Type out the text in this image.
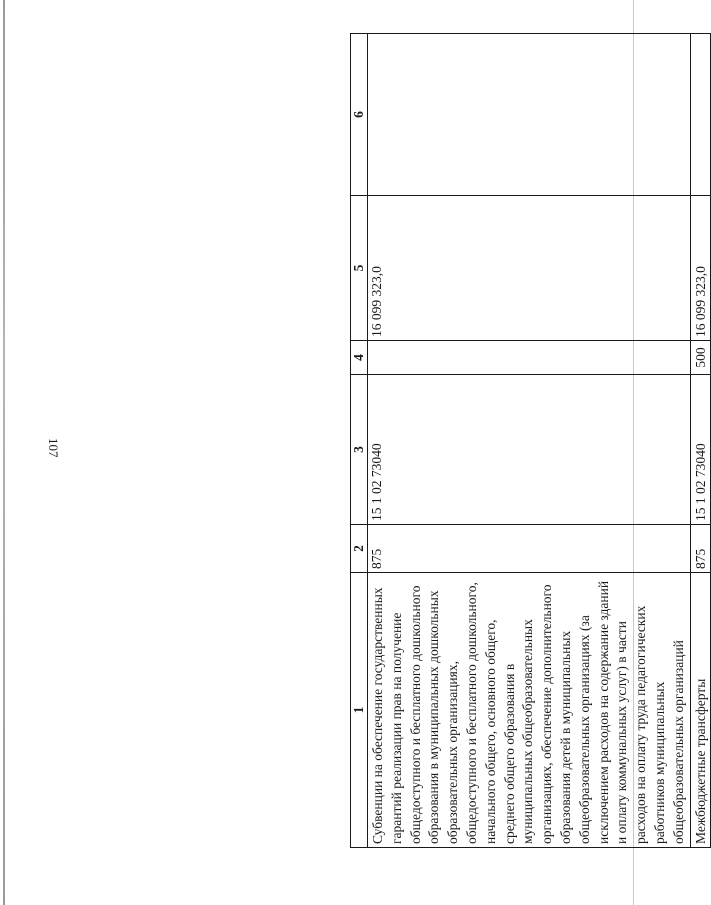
107
1	2	3	4	5	6
Субвенции на обеспечение государственных гарантий реализации прав на получение общедоступного и бесплатного дошкольного образования в муниципальных дошкольных образовательных организациях, общедоступного и бесплатного дошкольного, начального общего, основного общего, среднего общего образования в муниципальных общеобразовательных организациях, обеспечение дополнительного образования детей в муниципальных общеобразовательных организациях (за исключением расходов на содержание зданий и оплату коммунальных услуг) в части расходов на оплату труда педагогических работников муниципальных общеобразовательных организаций	875	15 1 02 73040		16 099 323,0	
Межбюджетные трансферты	875	15 1 02 73040	500	16 099 323,0	
